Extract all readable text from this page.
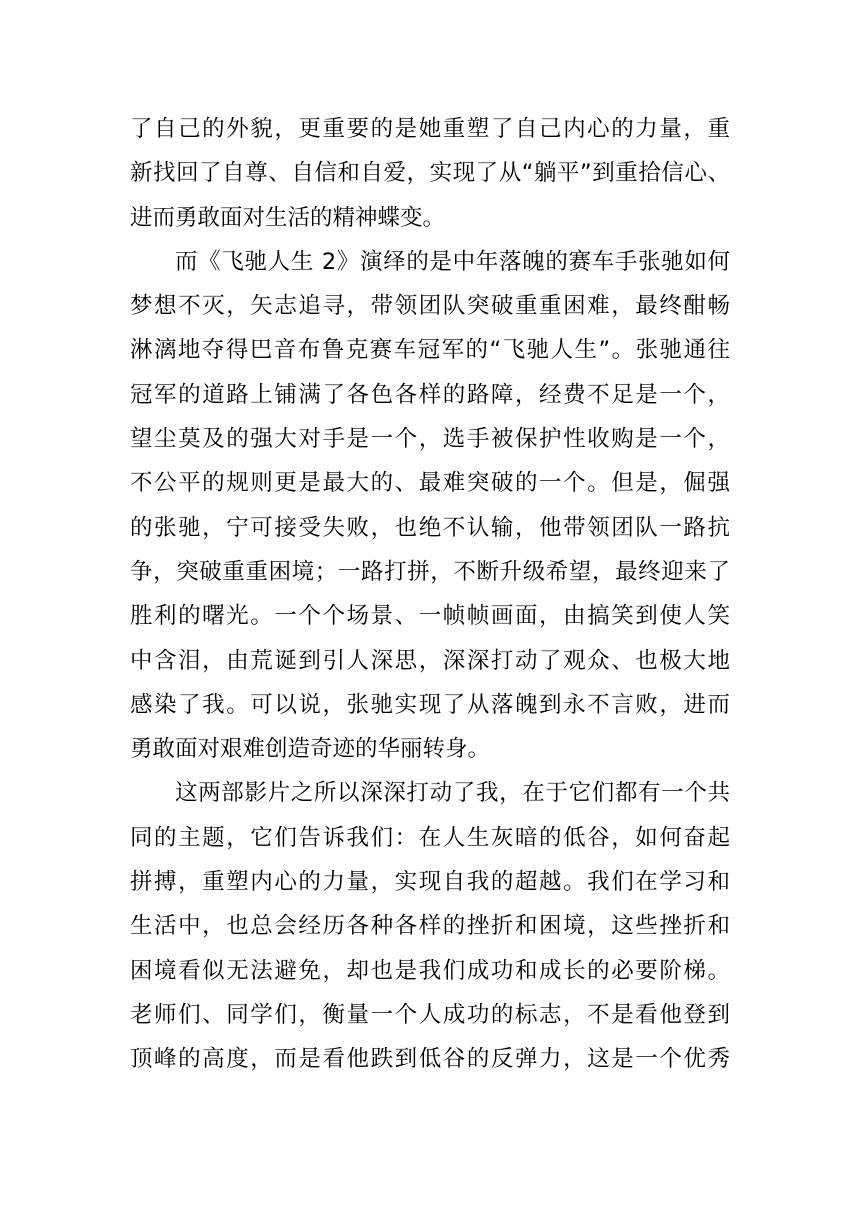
了自己的外貌，更重要的是她重塑了自己内心的力量，重
新找回了自尊、自信和自爱，实现了从“躺平”到重拾信心、
进而勇敢面对生活的精神蝶变。
而《飞驰人生 2》演绎的是中年落魄的赛车手张驰如何
梦想不灭，矢志追寻，带领团队突破重重困难，最终酣畅
淋漓地夺得巴音布鲁克赛车冠军的“飞驰人生”。张驰通往
冠军的道路上铺满了各色各样的路障，经费不足是一个，
望尘莫及的强大对手是一个，选手被保护性收购是一个，
不公平的规则更是最大的、最难突破的一个。但是，倔强
的张驰，宁可接受失败，也绝不认输，他带领团队一路抗
争，突破重重困境；一路打拼，不断升级希望，最终迎来了
胜利的曙光。一个个场景、一帧帧画面，由搞笑到使人笑
中含泪，由荒诞到引人深思，深深打动了观众、也极大地
感染了我。可以说，张驰实现了从落魄到永不言败，进而
勇敢面对艰难创造奇迹的华丽转身。
这两部影片之所以深深打动了我，在于它们都有一个共
同的主题，它们告诉我们：在人生灰暗的低谷，如何奋起
拼搏，重塑内心的力量，实现自我的超越。我们在学习和
生活中，也总会经历各种各样的挫折和困境，这些挫折和
困境看似无法避免，却也是我们成功和成长的必要阶梯。
老师们、同学们，衡量一个人成功的标志，不是看他登到
顶峰的高度，而是看他跌到低谷的反弹力，这是一个优秀
